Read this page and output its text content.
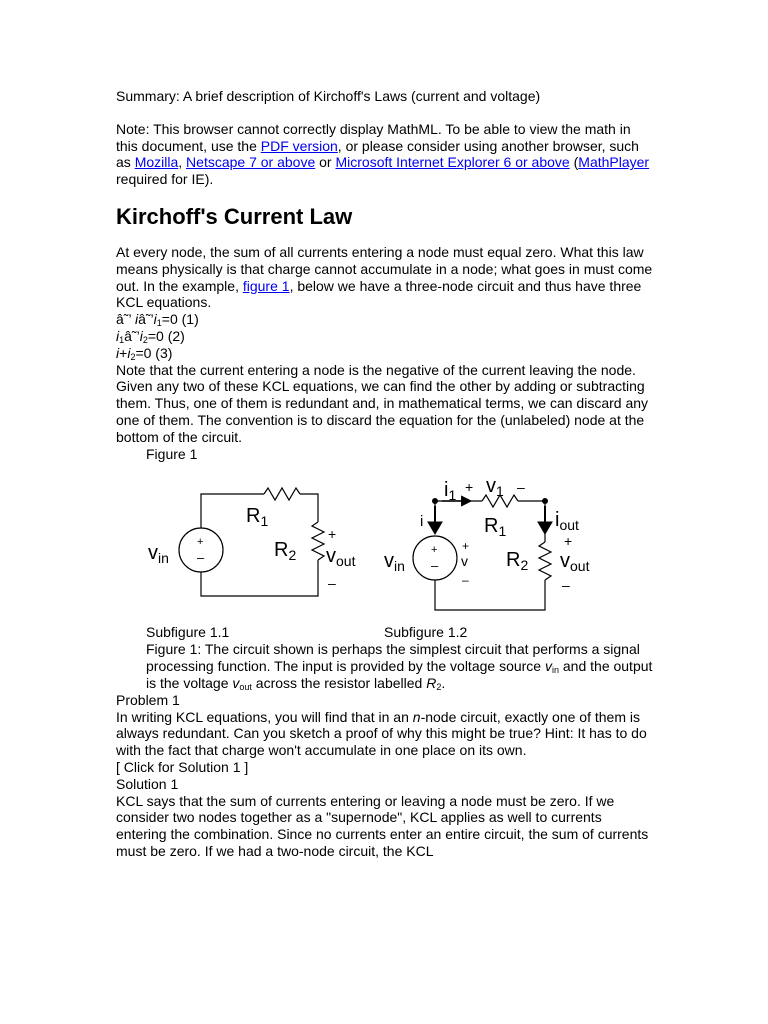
Summary: A brief description of Kirchoff's Laws (current and voltage)

Note: This browser cannot correctly display MathML. To be able to view the math in this document, use the PDF version, or please consider using another browser, such as Mozilla, Netscape 7 or above or Microsoft Internet Explorer 6 or above (MathPlayer required for IE).

Kirchoff's Current Law

At every node, the sum of all currents entering a node must equal zero. What this law means physically is that charge cannot accumulate in a node; what goes in must come out. In the example, figure 1, below we have a three-node circuit and thus have three KCL equations.

â˜’ $iâ˜’i_1=0$ (1)

$i_1â˜’i_2=0$ (2)

$i+i_2=0$ (3)

Note that the current entering a node is the negative of the current leaving the node.

Given any two of these KCL equations, we can find the other by adding or subtracting them. Thus, one of them is redundant and, in mathematical terms, we can discard any one of them. The convention is to discard the equation for the (unlabeled) node at the bottom of the circuit.

Figure 1

+
–
$v_{in}$
$R_1$
$R_2$
+
$v_{out}$
–
$i_1 + v_1$ –
i	$R_1$ $i_{out}$
+
–
$v_{in}$
+
v
–
$R_2$
+
$v_{out}$
–
Subfigure 1.1	Subfigure 1.2

Figure 1: The circuit shown is perhaps the simplest circuit that performs a signal processing function. The input is provided by the voltage source $v_{in}$ and the output is the voltage $v_{out}$ across the resistor labelled $R_2$.

Problem 1

In writing KCL equations, you will find that in an n-node circuit, exactly one of them is always redundant. Can you sketch a proof of why this might be true? Hint: It has to do with the fact that charge won't accumulate in one place on its own.

[ Click for Solution 1 ]

Solution 1

KCL says that the sum of currents entering or leaving a node must be zero. If we consider two nodes together as a "supernode", KCL applies as well to currents entering the combination. Since no currents enter an entire circuit, the sum of currents must be zero. If we had a two-node circuit, the KCL
